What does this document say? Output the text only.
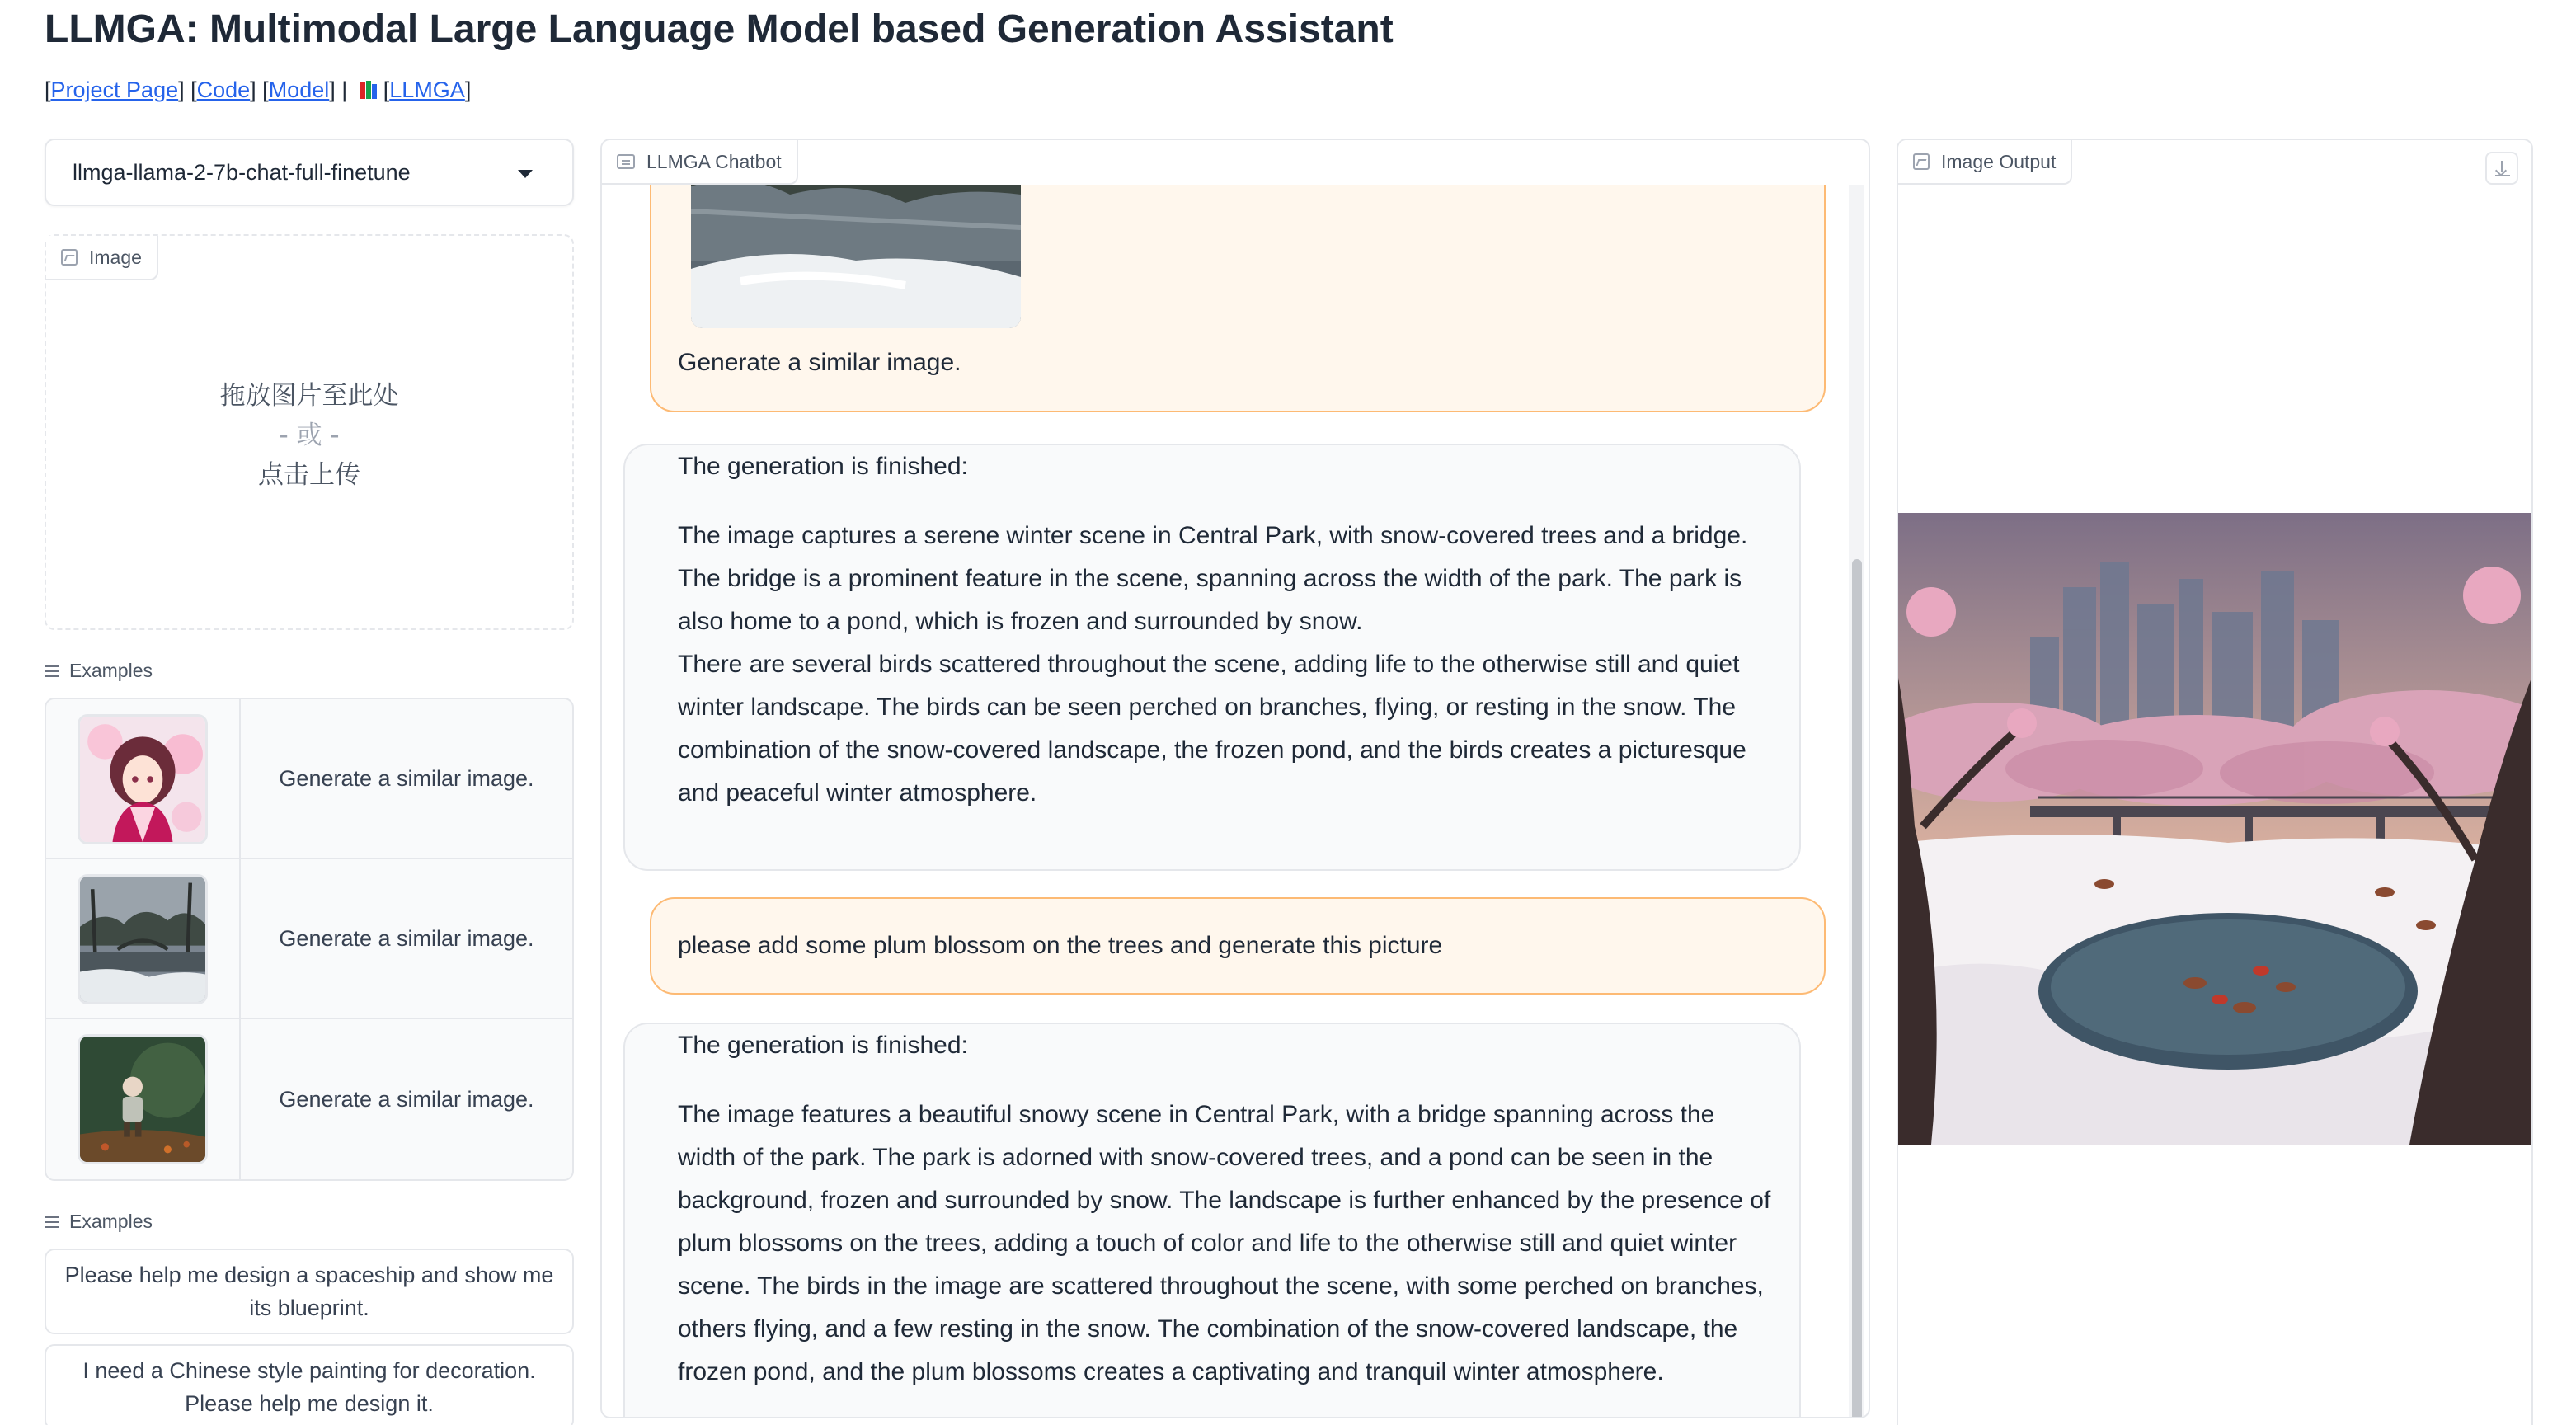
LLMGA: Multimodal Large Language Model based Generation Assistant
[Project Page] [Code] [Model] | [LLMGA]
llmga-llama-2-7b-chat-full-finetune
Image
拖放图片至此处
- 或 -
点击上传
Examples
Generate a similar image.
Generate a similar image.
Generate a similar image.
Examples
Please help me design a spaceship and show me its blueprint.
I need a Chinese style painting for decoration. Please help me design it.
LLMGA Chatbot
Generate a similar image.

The generation is finished:

The image captures a serene winter scene in Central Park, with snow-covered trees and a bridge. The bridge is a prominent feature in the scene, spanning across the width of the park. The park is also home to a pond, which is frozen and surrounded by snow.

There are several birds scattered throughout the scene, adding life to the otherwise still and quiet winter landscape. The birds can be seen perched on branches, flying, or resting in the snow. The combination of the snow-covered landscape, the frozen pond, and the birds creates a picturesque and peaceful winter atmosphere.

please add some plum blossom on the trees and generate this picture

The generation is finished:

The image features a beautiful snowy scene in Central Park, with a bridge spanning across the width of the park. The park is adorned with snow-covered trees, and a pond can be seen in the background, frozen and surrounded by snow. The landscape is further enhanced by the presence of plum blossoms on the trees, adding a touch of color and life to the otherwise still and quiet winter scene. The birds in the image are scattered throughout the scene, with some perched on branches, others flying, and a few resting in the snow. The combination of the snow-covered landscape, the frozen pond, and the plum blossoms creates a captivating and tranquil winter atmosphere.

Image Output
